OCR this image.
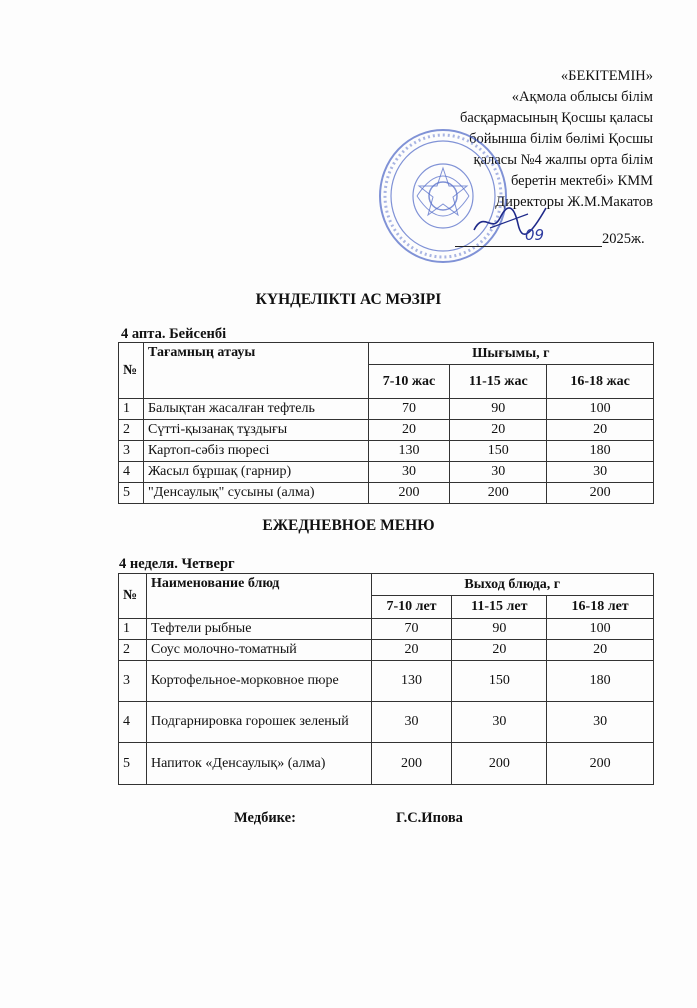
«БЕКІТЕМІН»
«Ақмола облысы білім
басқармасының Қосшы қаласы
бойынша білім бөлімі Қосшы
қаласы №4 жалпы орта білім
беретін мектебі» КММ
Директоры Ж.М.Макатов
09	2025ж.
КҮНДЕЛІКТІ АС МӘЗІРІ
4 апта. Бейсенбі
№	Тағамның атауы	Шығымы, г		
		7-10 жас	11-15 жас	16-18 жас
1	Балықтан жасалған тефтель	70	90	100
2	Сүтті-қызанақ тұздығы	20	20	20
3	Картоп-сәбіз пюресі	130	150	180
4	Жасыл бұршақ (гарнир)	30	30	30
5	"Денсаулық" сусыны (алма)	200	200	200
ЕЖЕДНЕВНОЕ МЕНЮ
4 неделя. Четверг
№	Наименование блюд	Выход блюда, г		
		7-10 лет	11-15 лет	16-18 лет
1	Тефтели рыбные	70	90	100
2	Соус молочно-томатный	20	20	20
3	Кортофельное-морковное пюре	130	150	180
4	Подгарнировка горошек зеленый	30	30	30
5	Напиток «Денсаулық» (алма)	200	200	200
Медбике:	Г.С.Ипова
